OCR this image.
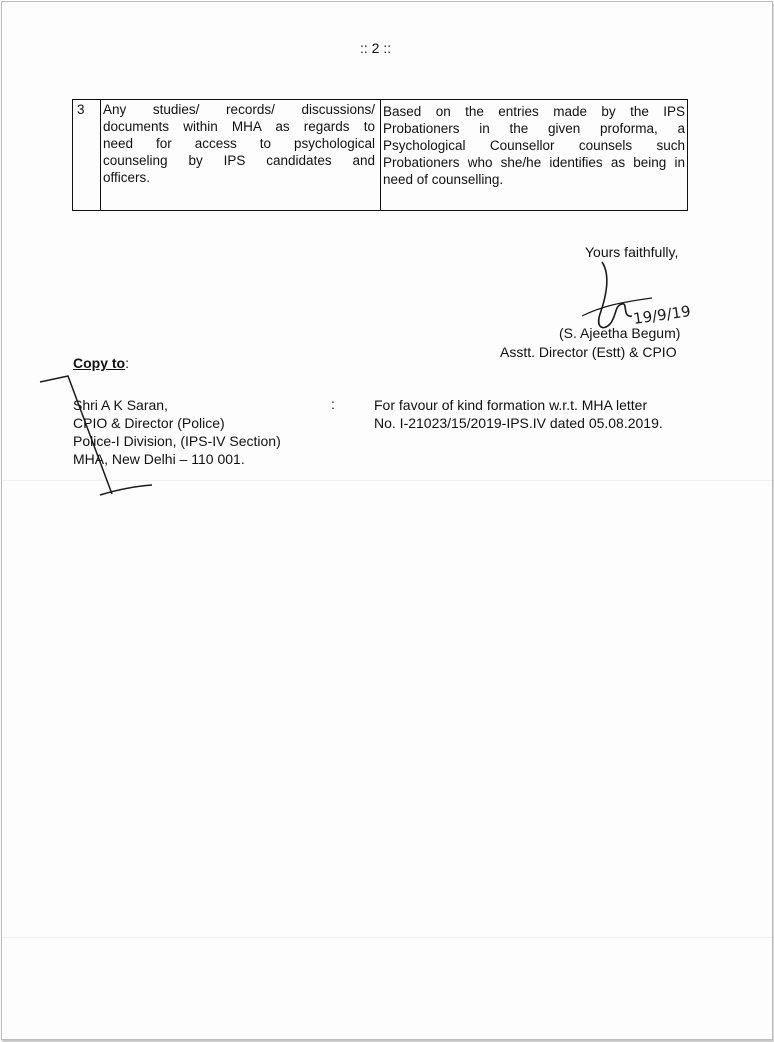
:: 2 ::
3	Any studies/ records/ discussions/
documents within MHA as regards to
need for access to psychological
counseling by IPS candidates and
officers.
Based on the entries made by the IPS
Probationers in the given proforma, a
Psychological Counsellor counsels such
Probationers who she/he identifies as being in
need of counselling.
Yours faithfully,
19/9/19
(S. Ajeetha Begum)
Asstt. Director (Estt) & CPIO
Copy to:
Shri A K Saran,
CPIO & Director (Police)
Police-I Division, (IPS-IV Section)
MHA, New Delhi – 110 001.
:	For favour of kind formation w.r.t. MHA letter
No. I-21023/15/2019-IPS.IV dated 05.08.2019.
